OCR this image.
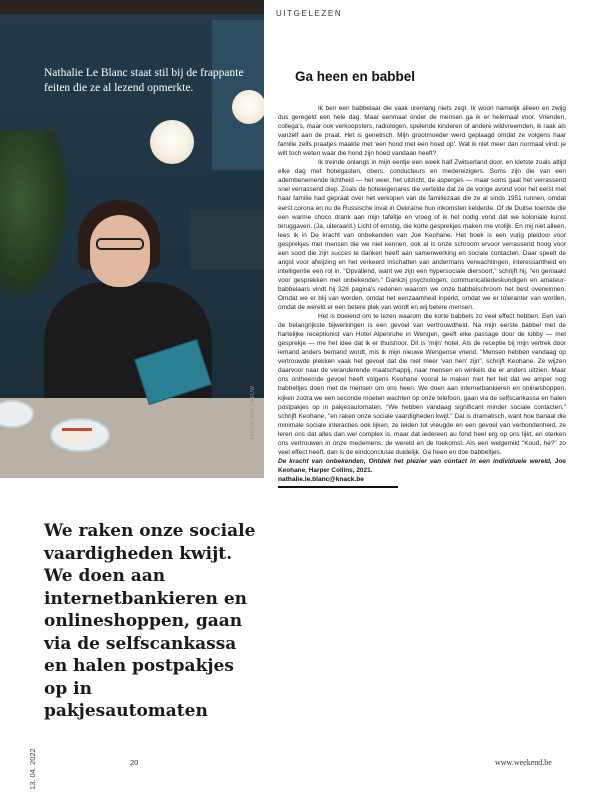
Nathalie Le Blanc staat stil bij de frappante feiten die ze al lezend opmerkte.
JAMES VAN LEEUW
We raken onze sociale vaardigheden kwijt. We doen aan internetbankieren en onlineshoppen, gaan via de selfscankassa en halen postpakjes op in pakjesautomaten
13. 04. 2022
UITGELEZEN
Ga heen en babbel

Ik ben een babbelaar die vaak urenlang niets zegt. Ik woon namelijk alleen en zwijg dus geregeld een hele dag. Maar eenmaal onder de mensen ga ik er helemaal voor. Vrienden, collega's, maar ook verkoopsters, radiologen, spelende kinderen of andere wildvreemden, ik raak als vanzelf aan de praat. Het is genetisch. Mijn grootmoeder werd geplaagd omdat ze volgens haar familie zelfs praatjes maakte met 'een hond met een hoed op'. Wat ik niet meer dan normaal vind: je wilt toch weten waar die hond zijn hoed vandaan heeft?

Ik treinde onlangs in mijn eentje een week half Zwitserland door, en kletste zoals altijd elke dag met hotelgasten, obers, conducteurs en medereizigers. Soms zijn die van een adembenemende lichtheid — het weer, het uitzicht, de asperges — maar soms gaat het verrassend snel verrassend diep. Zoals de hoteleigenares die vertelde dat ze de vorige avond voor het eerst met haar familie had gepraat over het verkopen van de familiezaak die ze al sinds 1951 runnen, omdat eerst corona en nu de Russische inval in Oekraïne hun inkomsten kelderde. Of de Duitse toeriste die een warme choco drank aan mijn tafeltje en vroeg of ik het nodig vond dat we koloniale kunst teruggaven. (Ja, uiteraard.) Licht of ernstig, die korte gesprekjes maken me vrolijk. En mij niet alleen, lees ik in De kracht van onbekenden van Joe Keohane. Het boek is een vurig pleidooi voor gesprekjes met mensen die we niet kennen, ook al is onze schroom ervoor verrassend hoog voor een soort die zijn succes te danken heeft aan samenwerking en sociale contacten. Daar speelt de angst voor afwijzing en het verkeerd inschatten van andermans verwachtingen, interessantheid en intelligentie een rol in. "Opvallend, want we zijn een hypersociale diersoort," schrijft hij, "en gemaakt voor gesprekken met onbekenden." Dankzij psychologen, communicatiedeskundigen en amateur-babbelaars vindt hij 328 pagina's redenen waarom we onze babbelschroom het best overwinnen. Omdat we er blij van worden, omdat het eenzaamheid inperkt, omdat we er toleranter van worden, omdat de wereld er een betere plek van wordt en wij betere mensen.

Het is boeiend om te lezen waarom die korte babbels zo veel effect hebben. Een van de belangrijkste bijwerkingen is een gevoel van vertrouwdheid. Na mijn eerste babbel met de hartelijke receptionist van Hotel Alpenruhe in Wengen, geeft elke passage door de lobby — met gesprekje — me het idee dat ik er thuishoor. Dit is 'mijn' hotel. Als de receptie bij mijn vertrek door iemand anders bemand wordt, mis ik mijn nieuwe Wengense vriend. "Mensen hebben vandaag op vertrouwde plekken vaak het gevoel dat die niet meer 'van hen' zijn", schrijft Keohane. Ze wijzen daarvoor naar de veranderende maatschappij, naar mensen en winkels die er anders uitzien. Maar ons ontheemde gevoel heeft volgens Keohane vooral te maken met het feit dat we amper nog babbeltjes doen met de mensen om ons heen. We doen aan internetbankieren en onlineshoppen, kijken zodra we een seconde moeten wachten op onze telefoon, gaan via de selfscankassa en halen postpakjes op in pakjesautomaten. "We hebben vandaag significant minder sociale contacten," schrijft Keohane, "en raken onze sociale vaardigheden kwijt." Dat is dramatisch, want hoe banaal die minimale sociale interacties ook lijken, ze leiden tot vreugde en een gevoel van verbondenheid, ze leren ons dat alles dan wel complex is, maar dat iedereen au fond heel erg op ons lijkt, en sterken ons vertrouwen in onze medemens, de wereld en de toekomst. Als een welgemikt "Koud, hè?" zo veel effect heeft, dan is de eindconclusie duidelijk. Ga heen en doe babbeltjes.

De kracht van onbekenden, Ontdek het plezier van contact in een individuele wereld, Joe Keohane, Harper Collins, 2021.

nathalie.le.blanc@knack.be
20	www.weekend.be
